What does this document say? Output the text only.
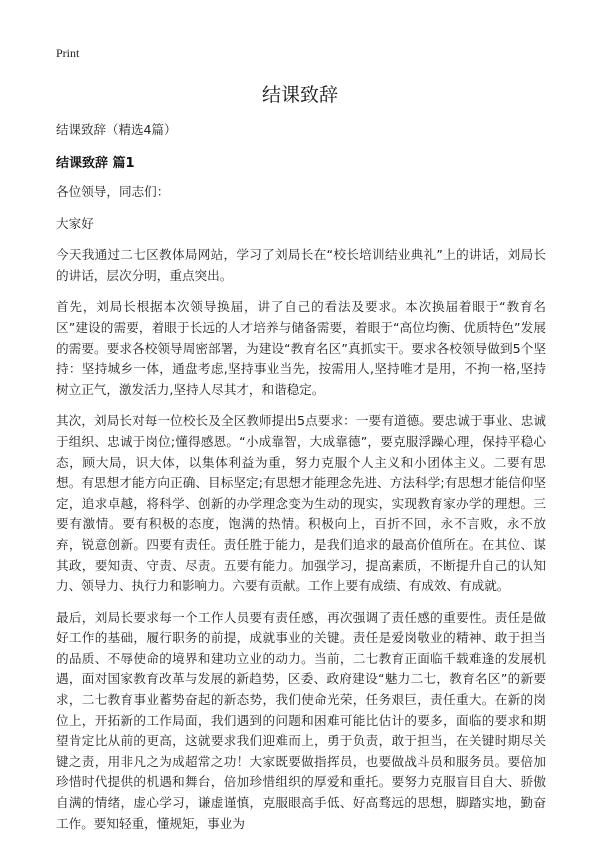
Print
结课致辞
结课致辞（精选4篇）
结课致辞 篇1

各位领导，同志们：

大家好

今天我通过二七区教体局网站，学习了刘局长在“校长培训结业典礼”上的讲话，刘局长的讲话，层次分明，重点突出。

首先，刘局长根据本次领导换届，讲了自己的看法及要求。本次换届着眼于“教育名区”建设的需要，着眼于长远的人才培养与储备需要，着眼于“高位均衡、优质特色”发展的需要。要求各校领导周密部署，为建设“教育名区”真抓实干。要求各校领导做到5个坚持：坚持城乡一体，通盘考虑,坚持事业当先，按需用人,坚持唯才是用，不拘一格,坚持树立正气，激发活力,坚持人尽其才，和谐稳定。

其次，刘局长对每一位校长及全区教师提出5点要求：一要有道德。要忠诚于事业、忠诚于组织、忠诚于岗位;懂得感恩。“小成靠智，大成靠德”，要克服浮躁心理，保持平稳心态，顾大局，识大体，以集体利益为重，努力克服个人主义和小团体主义。二要有思想。有思想才能方向正确、目标坚定;有思想才能理念先进、方法科学;有思想才能信仰坚定，追求卓越，将科学、创新的办学理念变为生动的现实，实现教育家办学的理想。三要有激情。要有积极的态度，饱满的热情。积极向上，百折不回，永不言败，永不放弃，锐意创新。四要有责任。责任胜于能力，是我们追求的最高价值所在。在其位、谋其政，要知责、守责、尽责。五要有能力。加强学习，提高素质，不断提升自己的认知力、领导力、执行力和影响力。六要有贡献。工作上要有成绩、有成效、有成就。

最后，刘局长要求每一个工作人员要有责任感，再次强调了责任感的重要性。责任是做好工作的基础，履行职务的前提，成就事业的关键。责任是爱岗敬业的精神、敢于担当的品质、不辱使命的境界和建功立业的动力。当前，二七教育正面临千载难逢的发展机遇，面对国家教育改革与发展的新趋势，区委、政府建设“魅力二七，教育名区”的新要求，二七教育事业蓄势奋起的新态势，我们使命光荣，任务艰巨，责任重大。在新的岗位上，开拓新的工作局面，我们遇到的问题和困难可能比估计的要多，面临的要求和期望肯定比从前的更高，这就要求我们迎难而上，勇于负责，敢于担当，在关键时期尽关键之责，用非凡之为成超常之功！大家既要做指挥员，也要做战斗员和服务员。要倍加珍惜时代提供的机遇和舞台，倍加珍惜组织的厚爱和重托。要努力克服盲目自大、骄傲自满的情绪，虚心学习，谦虚谨慎，克服眼高手低、好高骛远的思想，脚踏实地，勤奋工作。要知轻重，懂规矩，事业为
